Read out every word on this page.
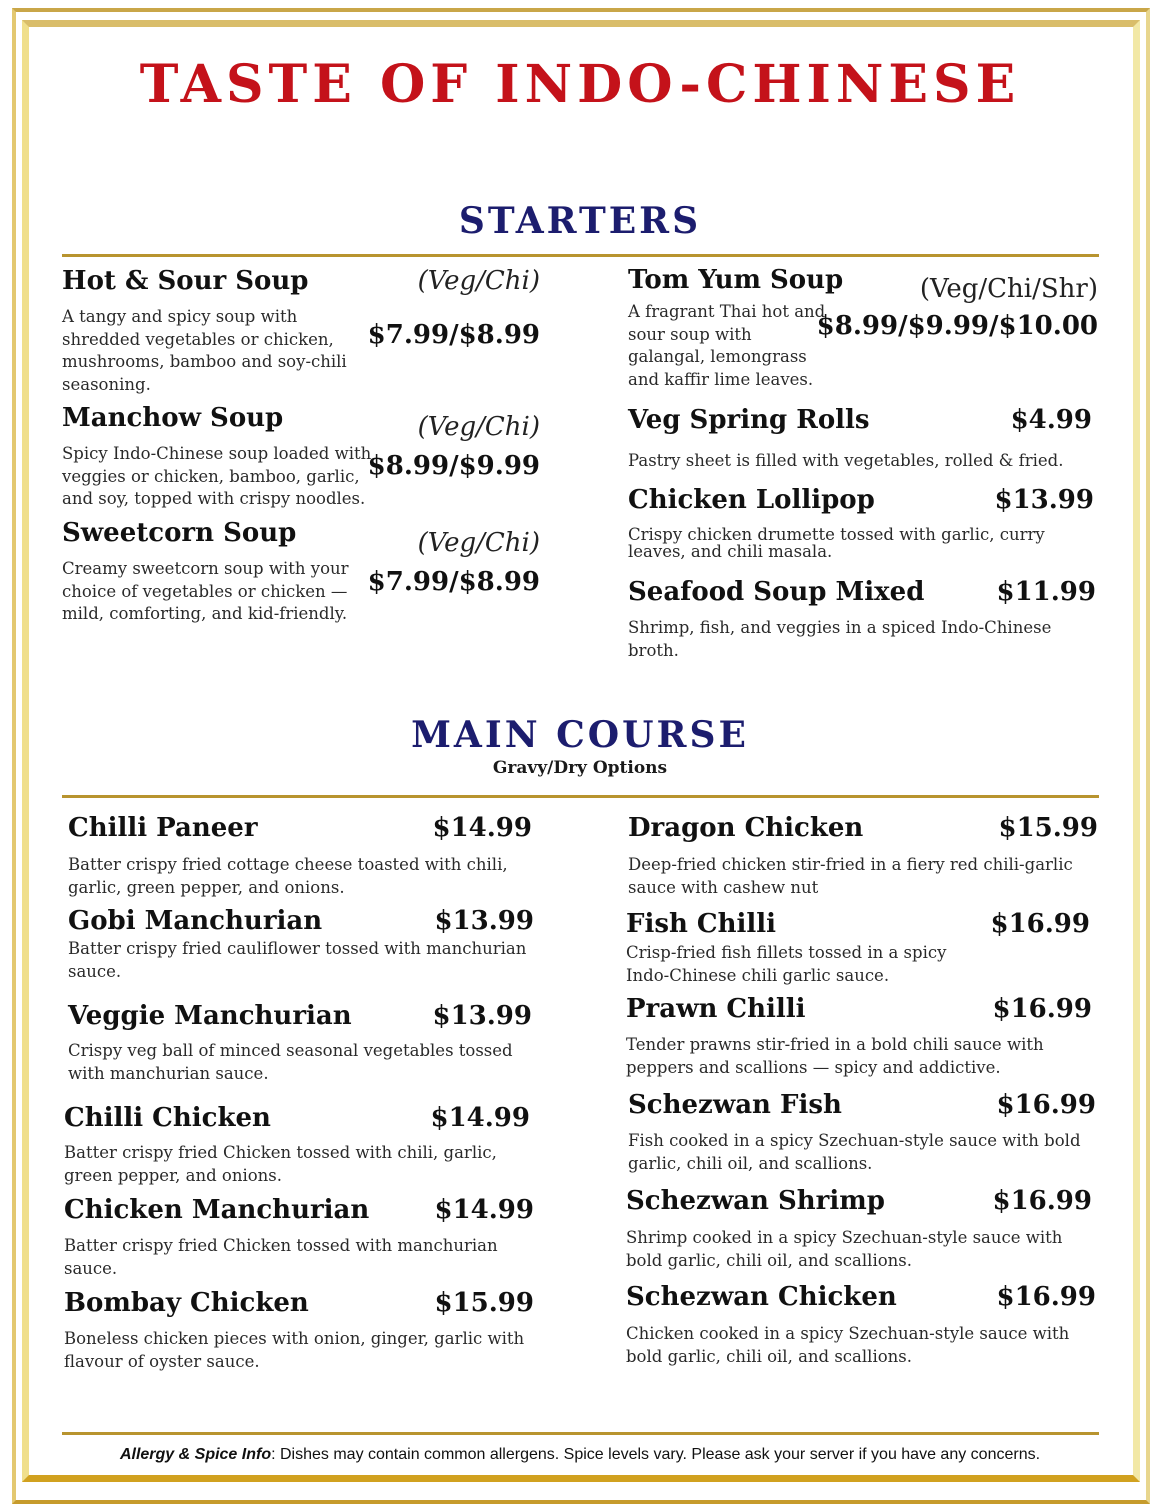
TASTE OF INDO-CHINESE
STARTERS
Hot & Sour Soup	(Veg/Chi)
A tangy and spicy soup with shredded vegetables or chicken, mushrooms, bamboo and soy-chili seasoning.
$7.99/$8.99
Manchow Soup	(Veg/Chi)
Spicy Indo-Chinese soup loaded with veggies or chicken, bamboo, garlic, and soy, topped with crispy noodles.
$8.99/$9.99
Sweetcorn Soup	(Veg/Chi)
Creamy sweetcorn soup with your choice of vegetables or chicken — mild, comforting, and kid-friendly.
$7.99/$8.99
Tom Yum Soup	(Veg/Chi/Shr)
A fragrant Thai hot and sour soup with galangal, lemongrass and kaffir lime leaves.
$8.99/$9.99/$10.00
Veg Spring Rolls	$4.99
Pastry sheet is filled with vegetables, rolled & fried.
Chicken Lollipop	$13.99
Crispy chicken drumette tossed with garlic, curry leaves, and chili masala.
Seafood Soup Mixed	$11.99
Shrimp, fish, and veggies in a spiced Indo-Chinese broth.
MAIN COURSE
Gravy/Dry Options
Chilli Paneer	$14.99
Batter crispy fried cottage cheese toasted with chili, garlic, green pepper, and onions.
Gobi Manchurian	$13.99
Batter crispy fried cauliflower tossed with manchurian sauce.
Veggie Manchurian	$13.99
Crispy veg ball of minced seasonal vegetables tossed with manchurian sauce.
Chilli Chicken	$14.99
Batter crispy fried Chicken tossed with chili, garlic, green pepper, and onions.
Chicken Manchurian	$14.99
Batter crispy fried Chicken tossed with manchurian sauce.
Bombay Chicken	$15.99
Boneless chicken pieces with onion, ginger, garlic with flavour of oyster sauce.
Dragon Chicken	$15.99
Deep-fried chicken stir-fried in a fiery red chili-garlic sauce with cashew nut
Fish Chilli	$16.99
Crisp-fried fish fillets tossed in a spicy Indo-Chinese chili garlic sauce.
Prawn Chilli	$16.99
Tender prawns stir-fried in a bold chili sauce with peppers and scallions — spicy and addictive.
Schezwan Fish	$16.99
Fish cooked in a spicy Szechuan-style sauce with bold garlic, chili oil, and scallions.
Schezwan Shrimp	$16.99
Shrimp cooked in a spicy Szechuan-style sauce with bold garlic, chili oil, and scallions.
Schezwan Chicken	$16.99
Chicken cooked in a spicy Szechuan-style sauce with bold garlic, chili oil, and scallions.
Allergy & Spice Info: Dishes may contain common allergens. Spice levels vary. Please ask your server if you have any concerns.
